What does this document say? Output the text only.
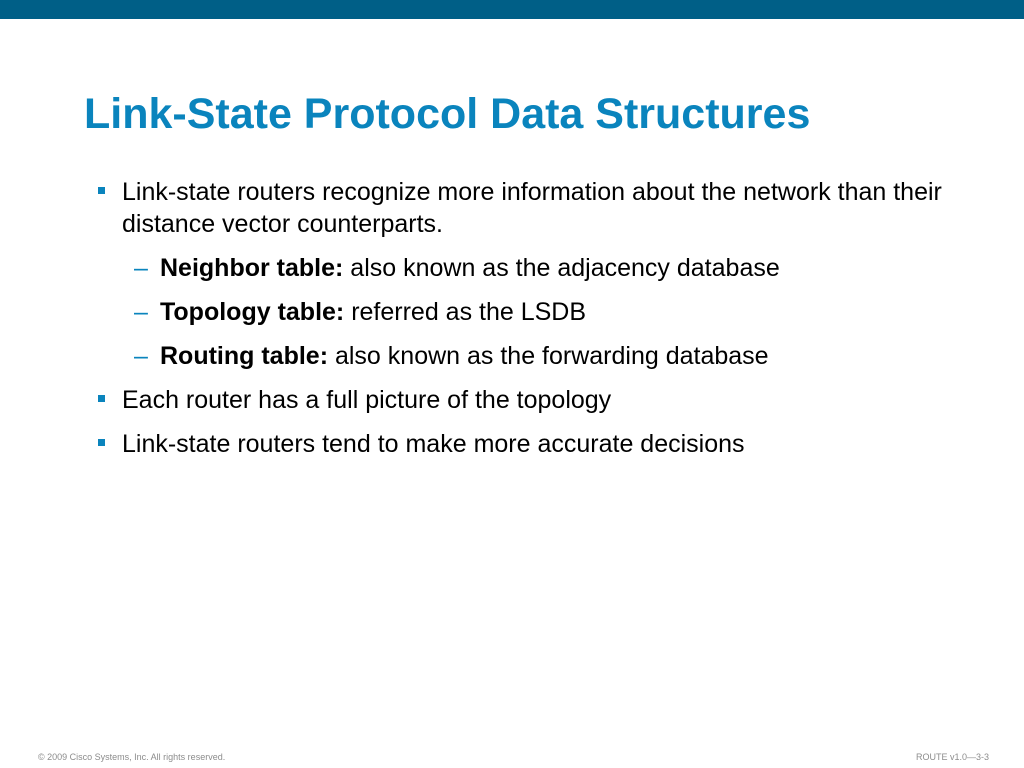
Link-State Protocol Data Structures
Link-state routers recognize more information about the network than their distance vector counterparts.
– Neighbor table: also known as the adjacency database
– Topology table: referred as the LSDB
– Routing table: also known as the forwarding database
Each router has a full picture of the topology
Link-state routers tend to make more accurate decisions
© 2009 Cisco Systems, Inc. All rights reserved.	ROUTE v1.0—3-3
